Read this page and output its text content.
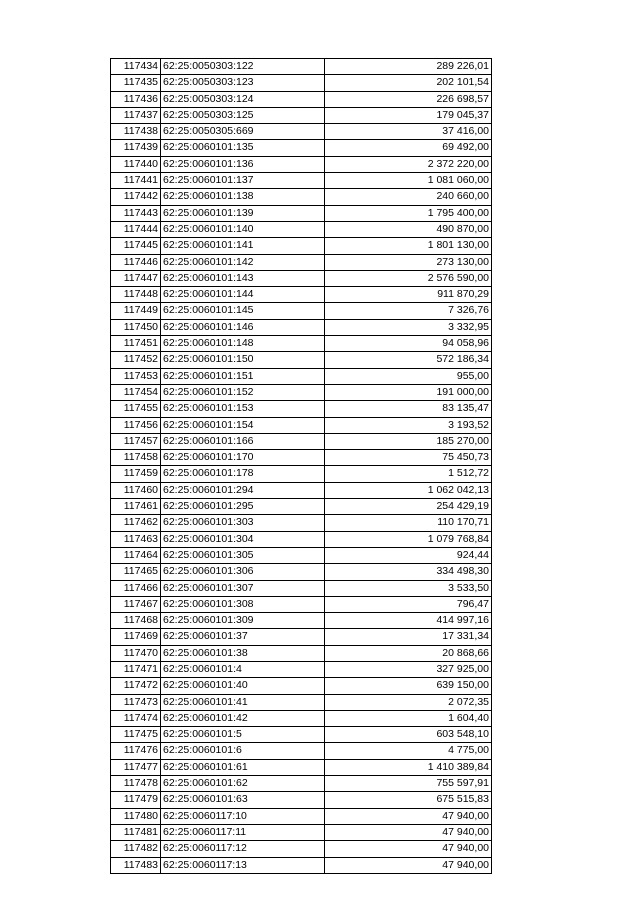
117434	62:25:0050303:122	289 226,01
117435	62:25:0050303:123	202 101,54
117436	62:25:0050303:124	226 698,57
117437	62:25:0050303:125	179 045,37
117438	62:25:0050305:669	37 416,00
117439	62:25:0060101:135	69 492,00
117440	62:25:0060101:136	2 372 220,00
117441	62:25:0060101:137	1 081 060,00
117442	62:25:0060101:138	240 660,00
117443	62:25:0060101:139	1 795 400,00
117444	62:25:0060101:140	490 870,00
117445	62:25:0060101:141	1 801 130,00
117446	62:25:0060101:142	273 130,00
117447	62:25:0060101:143	2 576 590,00
117448	62:25:0060101:144	911 870,29
117449	62:25:0060101:145	7 326,76
117450	62:25:0060101:146	3 332,95
117451	62:25:0060101:148	94 058,96
117452	62:25:0060101:150	572 186,34
117453	62:25:0060101:151	955,00
117454	62:25:0060101:152	191 000,00
117455	62:25:0060101:153	83 135,47
117456	62:25:0060101:154	3 193,52
117457	62:25:0060101:166	185 270,00
117458	62:25:0060101:170	75 450,73
117459	62:25:0060101:178	1 512,72
117460	62:25:0060101:294	1 062 042,13
117461	62:25:0060101:295	254 429,19
117462	62:25:0060101:303	110 170,71
117463	62:25:0060101:304	1 079 768,84
117464	62:25:0060101:305	924,44
117465	62:25:0060101:306	334 498,30
117466	62:25:0060101:307	3 533,50
117467	62:25:0060101:308	796,47
117468	62:25:0060101:309	414 997,16
117469	62:25:0060101:37	17 331,34
117470	62:25:0060101:38	20 868,66
117471	62:25:0060101:4	327 925,00
117472	62:25:0060101:40	639 150,00
117473	62:25:0060101:41	2 072,35
117474	62:25:0060101:42	1 604,40
117475	62:25:0060101:5	603 548,10
117476	62:25:0060101:6	4 775,00
117477	62:25:0060101:61	1 410 389,84
117478	62:25:0060101:62	755 597,91
117479	62:25:0060101:63	675 515,83
117480	62:25:0060117:10	47 940,00
117481	62:25:0060117:11	47 940,00
117482	62:25:0060117:12	47 940,00
117483	62:25:0060117:13	47 940,00
